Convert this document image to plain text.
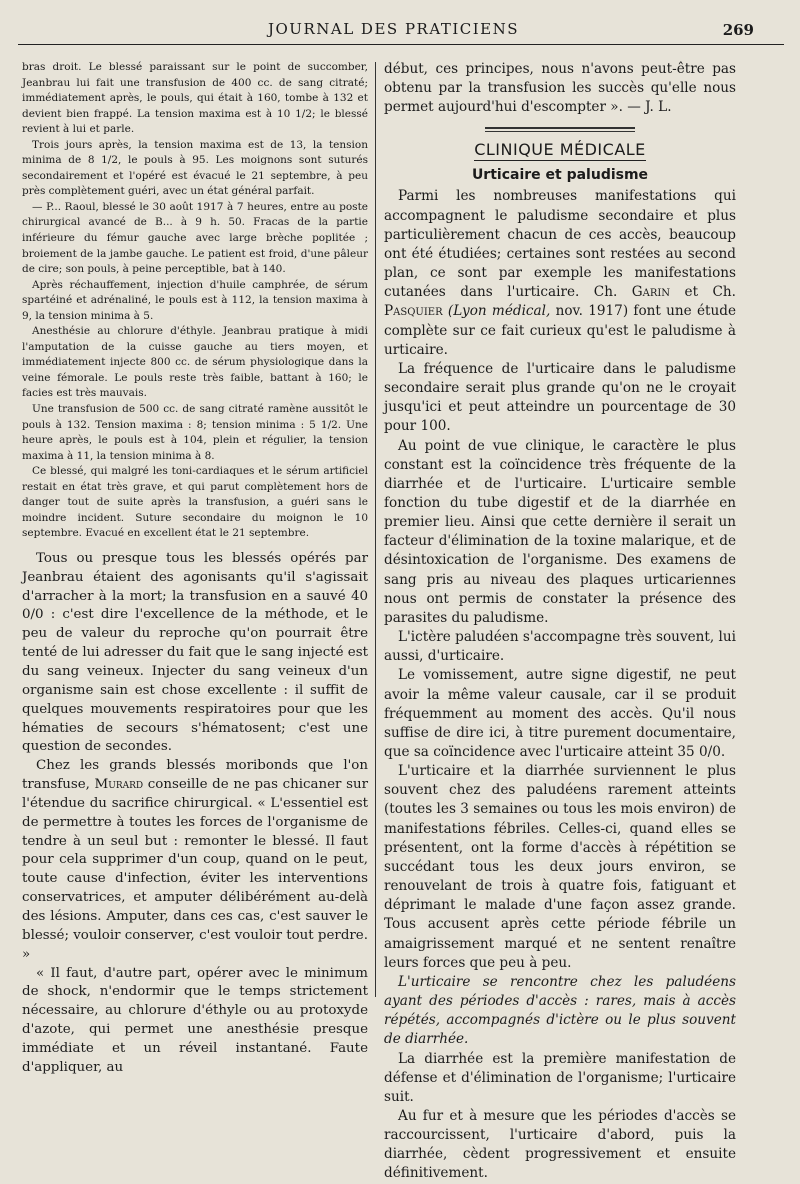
JOURNAL DES PRATICIENS	269

bras droit. Le blessé paraissant sur le point de succomber, Jeanbrau lui fait une transfusion de 400 cc. de sang citraté; immédiatement après, le pouls, qui était à 160, tombe à 132 et devient bien frappé. La tension maxima est à 10 1/2; le blessé revient à lui et parle.

Trois jours après, la tension maxima est de 13, la tension minima de 8 1/2, le pouls à 95. Les moignons sont suturés secondairement et l'opéré est évacué le 21 septembre, à peu près complètement guéri, avec un état général parfait.

— P... Raoul, blessé le 30 août 1917 à 7 heures, entre au poste chirurgical avancé de B... à 9 h. 50. Fracas de la partie inférieure du fémur gauche avec large brèche poplitée ; broiement de la jambe gauche. Le patient est froid, d'une pâleur de cire; son pouls, à peine perceptible, bat à 140.

Après réchauffement, injection d'huile camphrée, de sérum spartéiné et adrénaliné, le pouls est à 112, la tension maxima à 9, la tension minima à 5.

Anesthésie au chlorure d'éthyle. Jeanbrau pratique à midi l'amputation de la cuisse gauche au tiers moyen, et immédiatement injecte 800 cc. de sérum physiologique dans la veine fémorale. Le pouls reste très faible, battant à 160; le facies est très mauvais.

Une transfusion de 500 cc. de sang citraté ramène aussitôt le pouls à 132. Tension maxima : 8; tension minima : 5 1/2. Une heure après, le pouls est à 104, plein et régulier, la tension maxima à 11, la tension minima à 8.

Ce blessé, qui malgré les toni-cardiaques et le sérum artificiel restait en état très grave, et qui parut complètement hors de danger tout de suite après la transfusion, a guéri sans le moindre incident. Suture secondaire du moignon le 10 septembre. Evacué en excellent état le 21 septembre.

Tous ou presque tous les blessés opérés par Jeanbrau étaient des agonisants qu'il s'agissait d'arracher à la mort; la transfusion en a sauvé 40 0/0 : c'est dire l'excellence de la méthode, et le peu de valeur du reproche qu'on pourrait être tenté de lui adresser du fait que le sang injecté est du sang veineux. Injecter du sang veineux d'un organisme sain est chose excellente : il suffit de quelques mouvements respiratoires pour que les hématies de secours s'hématosent; c'est une question de secondes.

Chez les grands blessés moribonds que l'on transfuse, Murard conseille de ne pas chicaner sur l'étendue du sacrifice chirurgical. « L'essentiel est de permettre à toutes les forces de l'organisme de tendre à un seul but : remonter le blessé. Il faut pour cela supprimer d'un coup, quand on le peut, toute cause d'infection, éviter les interventions conservatrices, et amputer délibérément au-delà des lésions. Amputer, dans ces cas, c'est sauver le blessé; vouloir conserver, c'est vouloir tout perdre. »

« Il faut, d'autre part, opérer avec le minimum de shock, n'endormir que le temps strictement nécessaire, au chlorure d'éthyle ou au protoxyde d'azote, qui permet une anesthésie presque immédiate et un réveil instantané. Faute d'appliquer, au

début, ces principes, nous n'avons peut-être pas obtenu par la transfusion les succès qu'elle nous permet aujourd'hui d'escompter ». — J. L.

CLINIQUE MÉDICALE
Urticaire et paludisme

Parmi les nombreuses manifestations qui accompagnent le paludisme secondaire et plus particulièrement chacun de ces accès, beaucoup ont été étudiées; certaines sont restées au second plan, ce sont par exemple les manifestations cutanées dans l'urticaire. Ch. Garin et Ch. Pasquier (Lyon médical, nov. 1917) font une étude complète sur ce fait curieux qu'est le paludisme à urticaire.

La fréquence de l'urticaire dans le paludisme secondaire serait plus grande qu'on ne le croyait jusqu'ici et peut atteindre un pourcentage de 30 pour 100.

Au point de vue clinique, le caractère le plus constant est la coïncidence très fréquente de la diarrhée et de l'urticaire. L'urticaire semble fonction du tube digestif et de la diarrhée en premier lieu. Ainsi que cette dernière il serait un facteur d'élimination de la toxine malarique, et de désintoxication de l'organisme. Des examens de sang pris au niveau des plaques urticariennes nous ont permis de constater la présence des parasites du paludisme.

L'ictère paludéen s'accompagne très souvent, lui aussi, d'urticaire.

Le vomissement, autre signe digestif, ne peut avoir la même valeur causale, car il se produit fréquemment au moment des accès. Qu'il nous suffise de dire ici, à titre purement documentaire, que sa coïncidence avec l'urticaire atteint 35 0/0.

L'urticaire et la diarrhée surviennent le plus souvent chez des paludéens rarement atteints (toutes les 3 semaines ou tous les mois environ) de manifestations fébriles. Celles-ci, quand elles se présentent, ont la forme d'accès à répétition se succédant tous les deux jours environ, se renouvelant de trois à quatre fois, fatiguant et déprimant le malade d'une façon assez grande. Tous accusent après cette période fébrile un amaigrissement marqué et ne sentent renaître leurs forces que peu à peu.

L'urticaire se rencontre chez les paludéens ayant des périodes d'accès : rares, mais à accès répétés, accompagnés d'ictère ou le plus souvent de diarrhée.

La diarrhée est la première manifestation de défense et d'élimination de l'organisme; l'urticaire suit.

Au fur et à mesure que les périodes d'accès se raccourcissent, l'urticaire d'abord, puis la diarrhée, cèdent progressivement et ensuite définitivement.
